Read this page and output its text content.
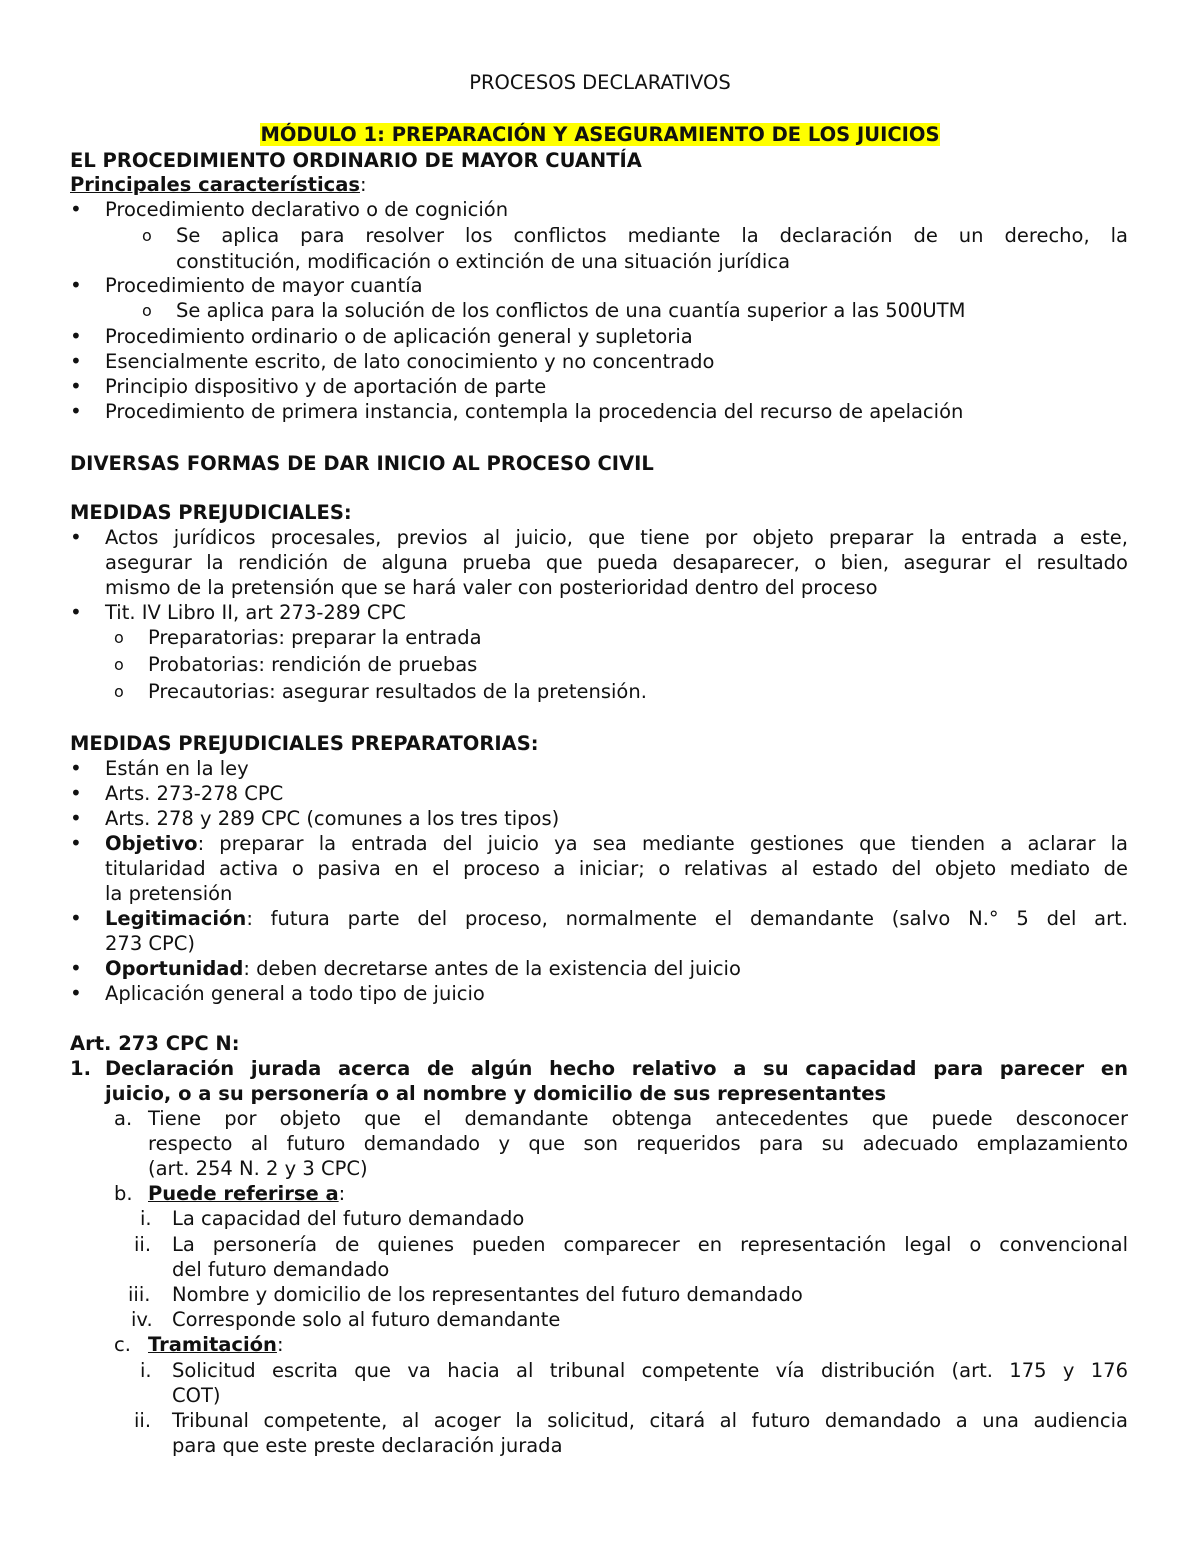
PROCESOS DECLARATIVOS
MÓDULO 1: PREPARACIÓN Y ASEGURAMIENTO DE LOS JUICIOS
EL PROCEDIMIENTO ORDINARIO DE MAYOR CUANTÍA
Principales características:
• Procedimiento declarativo o de cognición
o Se aplica para resolver los conflictos mediante la declaración de un derecho, la
constitución, modificación o extinción de una situación jurídica
• Procedimiento de mayor cuantía
o Se aplica para la solución de los conflictos de una cuantía superior a las 500UTM
• Procedimiento ordinario o de aplicación general y supletoria
• Esencialmente escrito, de lato conocimiento y no concentrado
• Principio dispositivo y de aportación de parte
• Procedimiento de primera instancia, contempla la procedencia del recurso de apelación
DIVERSAS FORMAS DE DAR INICIO AL PROCESO CIVIL
MEDIDAS PREJUDICIALES:
• Actos jurídicos procesales, previos al juicio, que tiene por objeto preparar la entrada a este,
asegurar la rendición de alguna prueba que pueda desaparecer, o bien, asegurar el resultado
mismo de la pretensión que se hará valer con posterioridad dentro del proceso
• Tit. IV Libro II, art 273-289 CPC
o Preparatorias: preparar la entrada
o Probatorias: rendición de pruebas
o Precautorias: asegurar resultados de la pretensión.
MEDIDAS PREJUDICIALES PREPARATORIAS:
• Están en la ley
• Arts. 273-278 CPC
• Arts. 278 y 289 CPC (comunes a los tres tipos)
• Objetivo: preparar la entrada del juicio ya sea mediante gestiones que tienden a aclarar la
titularidad activa o pasiva en el proceso a iniciar; o relativas al estado del objeto mediato de
la pretensión
• Legitimación: futura parte del proceso, normalmente el demandante (salvo N.° 5 del art.
273 CPC)
• Oportunidad: deben decretarse antes de la existencia del juicio
• Aplicación general a todo tipo de juicio
Art. 273 CPC N:
1. Declaración jurada acerca de algún hecho relativo a su capacidad para parecer en
juicio, o a su personería o al nombre y domicilio de sus representantes
a. Tiene por objeto que el demandante obtenga antecedentes que puede desconocer
respecto al futuro demandado y que son requeridos para su adecuado emplazamiento
(art. 254 N. 2 y 3 CPC)
b. Puede referirse a:
i. La capacidad del futuro demandado
ii. La personería de quienes pueden comparecer en representación legal o convencional
del futuro demandado
iii. Nombre y domicilio de los representantes del futuro demandado
iv. Corresponde solo al futuro demandante
c. Tramitación:
i. Solicitud escrita que va hacia al tribunal competente vía distribución (art. 175 y 176
COT)
ii. Tribunal competente, al acoger la solicitud, citará al futuro demandado a una audiencia
para que este preste declaración jurada
